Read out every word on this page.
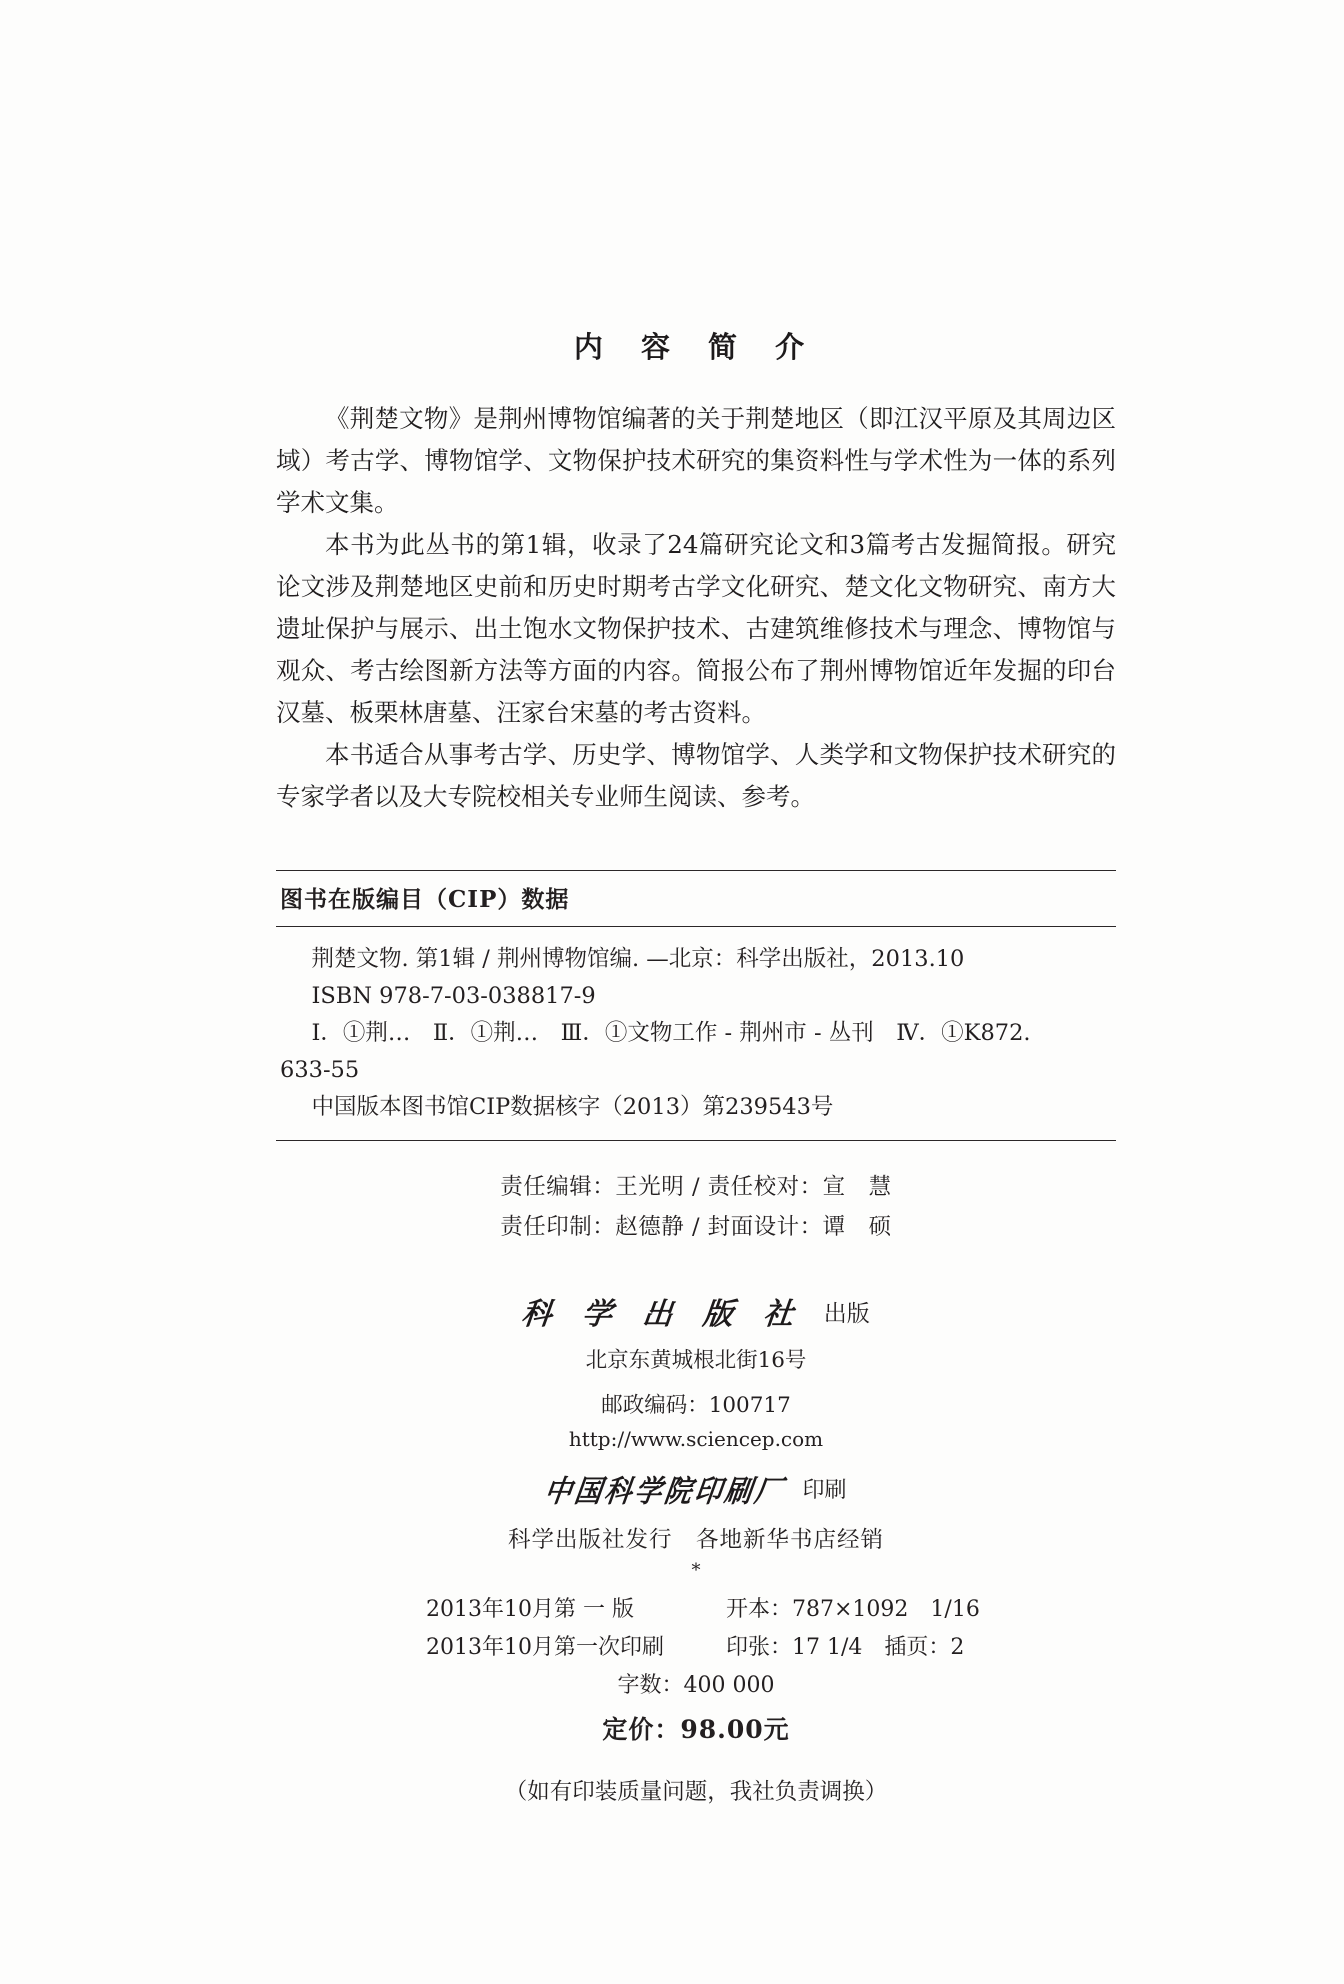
内 容 简 介

《荆楚文物》是荆州博物馆编著的关于荆楚地区（即江汉平原及其周边区域）考古学、博物馆学、文物保护技术研究的集资料性与学术性为一体的系列学术文集。

本书为此丛书的第1辑，收录了24篇研究论文和3篇考古发掘简报。研究论文涉及荆楚地区史前和历史时期考古学文化研究、楚文化文物研究、南方大遗址保护与展示、出土饱水文物保护技术、古建筑维修技术与理念、博物馆与观众、考古绘图新方法等方面的内容。简报公布了荆州博物馆近年发掘的印台汉墓、板栗林唐墓、汪家台宋墓的考古资料。

本书适合从事考古学、历史学、博物馆学、人类学和文物保护技术研究的专家学者以及大专院校相关专业师生阅读、参考。

图书在版编目（CIP）数据
荆楚文物. 第1辑 / 荆州博物馆编. —北京：科学出版社，2013.10
ISBN 978-7-03-038817-9
Ⅰ．①荆…　Ⅱ．①荆…　Ⅲ．①文物工作 - 荆州市 - 丛刊　Ⅳ．①K872.
633-55
中国版本图书馆CIP数据核字（2013）第239543号
责任编辑：王光明 / 责任校对：宣　慧
责任印制：赵德静 / 封面设计：谭　硕
科 学 出 版 社 出版
北京东黄城根北街16号
邮政编码：100717
http://www.sciencep.com
中国科学院印刷厂 印刷
科学出版社发行　各地新华书店经销
*
2013年10月第 一 版	开本：787×1092　1/16
2013年10月第一次印刷	印张：17 1/4　插页：2
字数：400 000
定价：98.00元
（如有印装质量问题，我社负责调换）
